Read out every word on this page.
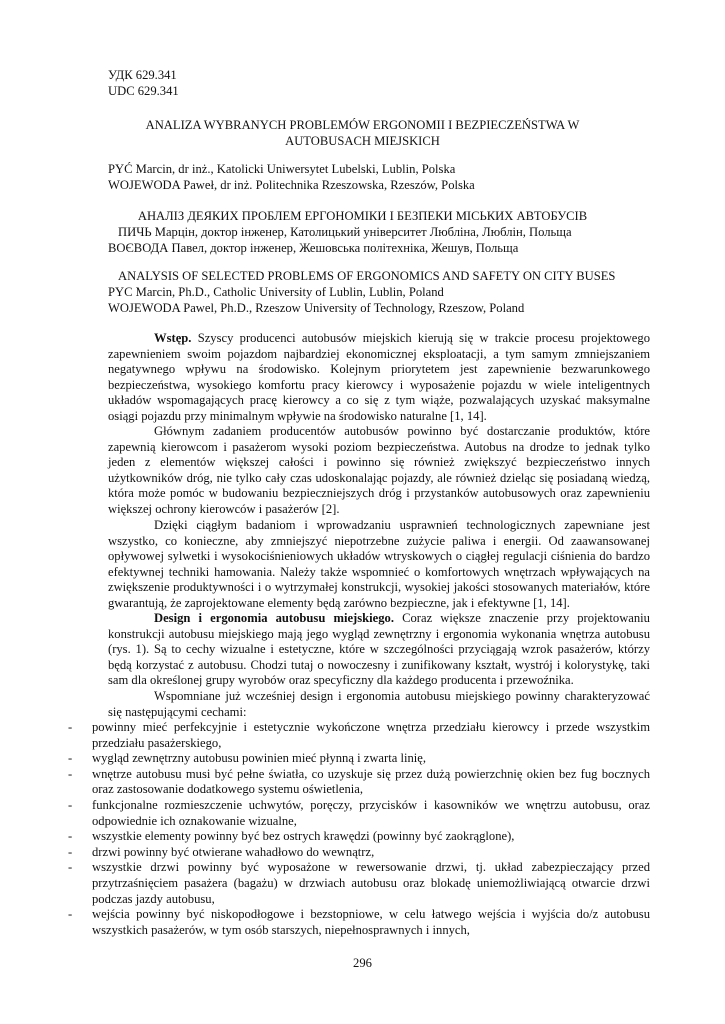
УДК 629.341
UDC 629.341
ANALIZA WYBRANYCH PROBLEMÓW ERGONOMII I BEZPIECZEŃSTWA W
AUTOBUSACH MIEJSKICH
PYĆ Marcin, dr inż., Katolicki Uniwersytet Lubelski, Lublin, Polska
WOJEWODA Paweł, dr inż. Politechnika Rzeszowska, Rzeszów, Polska
АНАЛІЗ ДЕЯКИХ ПРОБЛЕМ ЕРГОНОМІКИ І БЕЗПЕКИ МІСЬКИХ АВТОБУСІВ
ПИЧЬ Марцін, доктор інженер, Католицький університет Любліна, Люблін, Польща
ВОЄВОДА Павел, доктор інженер, Жешовська політехніка, Жешув, Польща
ANALYSIS OF SELECTED PROBLEMS OF ERGONOMICS AND SAFETY ON CITY BUSES
PYC Marcin, Ph.D., Catholic University of Lublin, Lublin, Poland
WOJEWODA Pawel, Ph.D., Rzeszow University of Technology, Rzeszow, Poland
Wstęp. Szyscy producenci autobusów miejskich kierują się w trakcie procesu projektowego zapewnieniem swoim pojazdom najbardziej ekonomicznej eksploatacji, a tym samym zmniejszaniem negatywnego wpływu na środowisko. Kolejnym priorytetem jest zapewnienie bezwarunkowego bezpieczeństwa, wysokiego komfortu pracy kierowcy i wyposażenie pojazdu w wiele inteligentnych układów wspomagających pracę kierowcy a co się z tym wiąże, pozwalających uzyskać maksymalne osiągi pojazdu przy minimalnym wpływie na środowisko naturalne [1, 14].
Głównym zadaniem producentów autobusów powinno być dostarczanie produktów, które zapewnią kierowcom i pasażerom wysoki poziom bezpieczeństwa. Autobus na drodze to jednak tylko jeden z elementów większej całości i powinno się również zwiększyć bezpieczeństwo innych użytkowników dróg, nie tylko cały czas udoskonalając pojazdy, ale również dzieląc się posiadaną wiedzą, która może pomóc w budowaniu bezpieczniejszych dróg i przystanków autobusowych oraz zapewnieniu większej ochrony kierowców i pasażerów [2].
Dzięki ciągłym badaniom i wprowadzaniu usprawnień technologicznych zapewniane jest wszystko, co konieczne, aby zmniejszyć niepotrzebne zużycie paliwa i energii. Od zaawansowanej opływowej sylwetki i wysokociśnieniowych układów wtryskowych o ciągłej regulacji ciśnienia do bardzo efektywnej techniki hamowania. Należy także wspomnieć o komfortowych wnętrzach wpływających na zwiększenie produktywności i o wytrzymałej konstrukcji, wysokiej jakości stosowanych materiałów, które gwarantują, że zaprojektowane elementy będą zarówno bezpieczne, jak i efektywne [1, 14].
Design i ergonomia autobusu miejskiego. Coraz większe znaczenie przy projektowaniu konstrukcji autobusu miejskiego mają jego wygląd zewnętrzny i ergonomia wykonania wnętrza autobusu (rys. 1). Są to cechy wizualne i estetyczne, które w szczególności przyciągają wzrok pasażerów, którzy będą korzystać z autobusu. Chodzi tutaj o nowoczesny i zunifikowany kształt, wystrój i kolorystykę, taki sam dla określonej grupy wyrobów oraz specyficzny dla każdego producenta i przewoźnika.
Wspomniane już wcześniej design i ergonomia autobusu miejskiego powinny charakteryzować się następującymi cechami:
- powinny mieć perfekcyjnie i estetycznie wykończone wnętrza przedziału kierowcy i przede wszystkim przedziału pasażerskiego,
- wygląd zewnętrzny autobusu powinien mieć płynną i zwarta linię,
- wnętrze autobusu musi być pełne światła, co uzyskuje się przez dużą powierzchnię okien bez fug bocznych oraz zastosowanie dodatkowego systemu oświetlenia,
- funkcjonalne rozmieszczenie uchwytów, poręczy, przycisków i kasowników we wnętrzu autobusu, oraz odpowiednie ich oznakowanie wizualne,
- wszystkie elementy powinny być bez ostrych krawędzi (powinny być zaokrąglone),
- drzwi powinny być otwierane wahadłowo do wewnątrz,
- wszystkie drzwi powinny być wyposażone w rewersowanie drzwi, tj. układ zabezpieczający przed przytrzaśnięciem pasażera (bagażu) w drzwiach autobusu oraz blokadę uniemożliwiającą otwarcie drzwi podczas jazdy autobusu,
- wejścia powinny być niskopodłogowe i bezstopniowe, w celu łatwego wejścia i wyjścia do/z autobusu wszystkich pasażerów, w tym osób starszych, niepełnosprawnych i innych,
296
